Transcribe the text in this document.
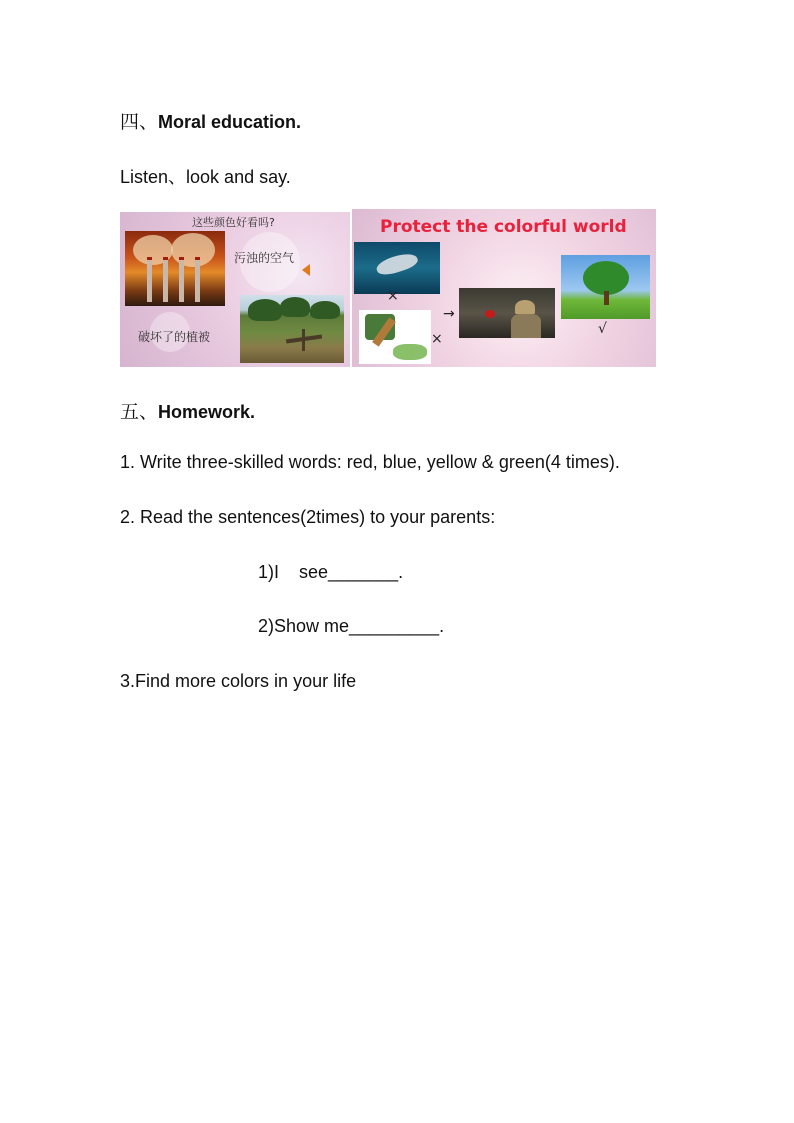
四、Moral education.
Listen、look and say.
这些颜色好看吗?
污浊的空气
破坏了的植被
Protect the colorful world
×
×
→
√
五、Homework.
1. Write three-skilled words: red, blue, yellow & green(4 times).
2. Read the sentences(2times) to your parents:
1)I    see_______.
2)Show me_________.
3.Find more colors in your life
